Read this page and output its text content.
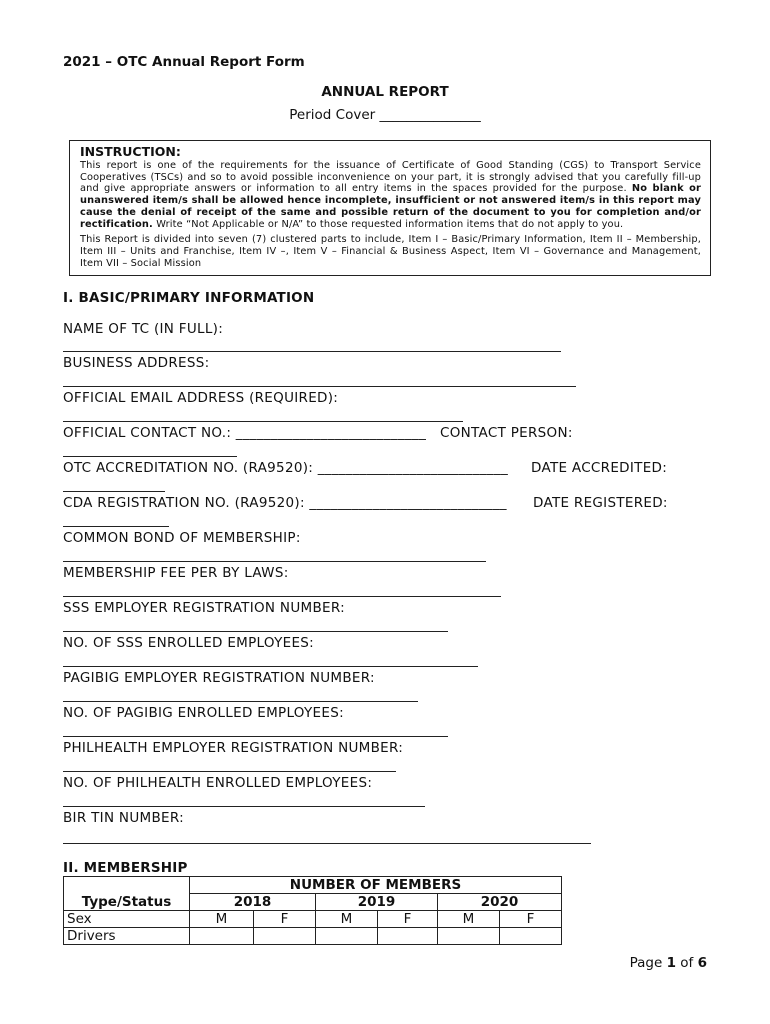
2021 – OTC Annual Report Form
ANNUAL REPORT
Period Cover _______________
INSTRUCTION:
This report is one of the requirements for the issuance of Certificate of Good Standing (CGS) to Transport Service Cooperatives (TSCs) and so to avoid possible inconvenience on your part, it is strongly advised that you carefully fill-up and give appropriate answers or information to all entry items in the spaces provided for the purpose. No blank or unanswered item/s shall be allowed hence incomplete, insufficient or not answered item/s in this report may cause the denial of receipt of the same and possible return of the document to you for completion and/or rectification. Write “Not Applicable or N/A” to those requested information items that do not apply to you.
This Report is divided into seven (7) clustered parts to include, Item I – Basic/Primary Information, Item II – Membership, Item III – Units and Franchise, Item IV –, Item V – Financial & Business Aspect, Item VI – Governance and Management, Item VII – Social Mission
I. BASIC/PRIMARY INFORMATION
NAME OF TC (IN FULL):
BUSINESS ADDRESS:
OFFICIAL EMAIL ADDRESS (REQUIRED):
OFFICIAL CONTACT NO.: ___________________________ CONTACT PERSON:
OTC ACCREDITATION NO. (RA9520): ___________________________ DATE ACCREDITED:
CDA REGISTRATION NO. (RA9520): ____________________________ DATE REGISTERED:
COMMON BOND OF MEMBERSHIP:
MEMBERSHIP FEE PER BY LAWS:
SSS EMPLOYER REGISTRATION NUMBER:
NO. OF SSS ENROLLED EMPLOYEES:
PAGIBIG EMPLOYER REGISTRATION NUMBER:
NO. OF PAGIBIG ENROLLED EMPLOYEES:
PHILHEALTH EMPLOYER REGISTRATION NUMBER:
NO. OF PHILHEALTH ENROLLED EMPLOYEES:
BIR TIN NUMBER:
II. MEMBERSHIP
	NUMBER OF MEMBERS					
Type/Status	2018		2019		2020	
Sex	M	F	M	F	M	F
Drivers						
Page 1 of 6
